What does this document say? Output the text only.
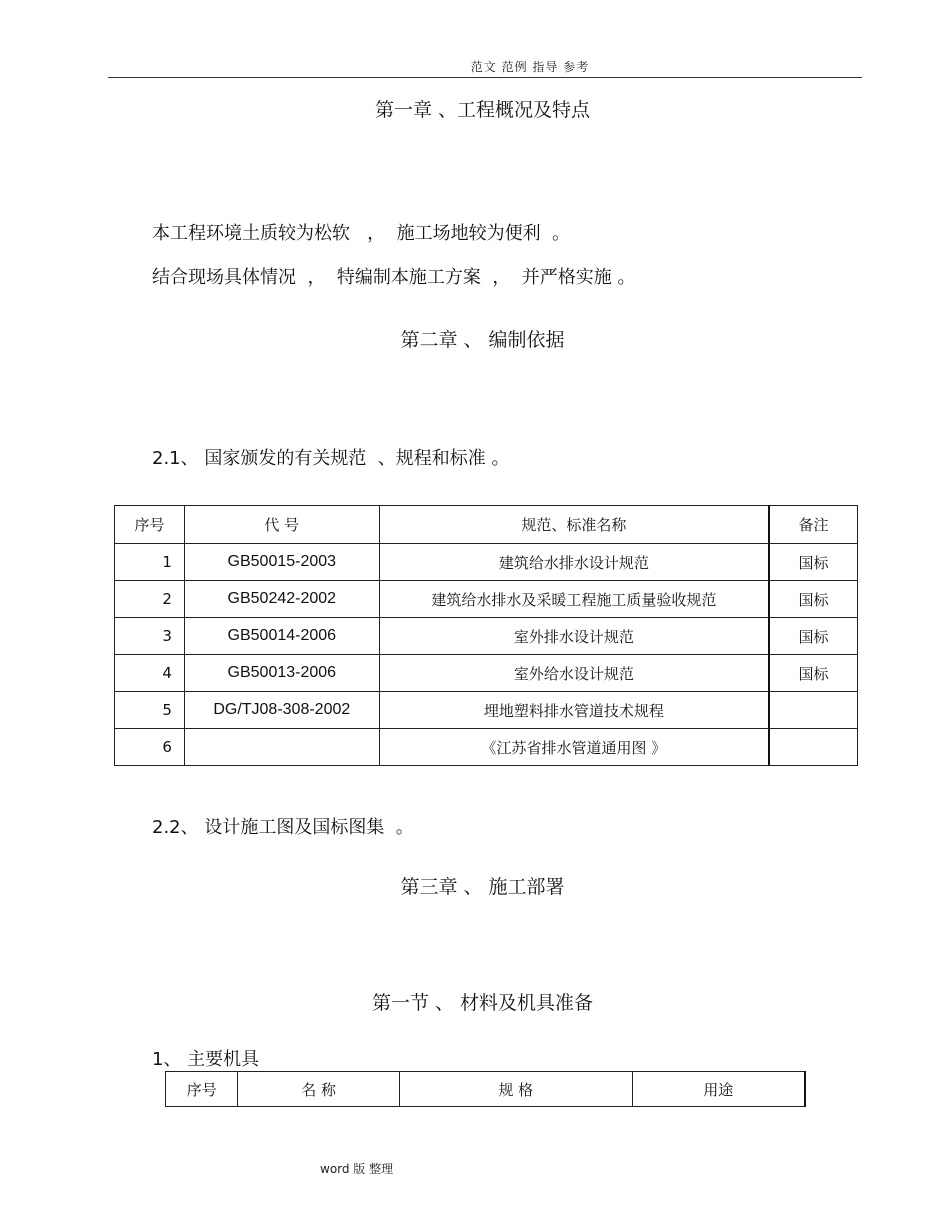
范文 范例 指导 参考
第一章 、工程概况及特点
本工程环境土质较为松软   ，  施工场地较为便利  。
结合现场具体情况  ，  特编制本施工方案  ，  并严格实施 。
第二章 、 编制依据
2.1、 国家颁发的有关规范  、规程和标准 。
序号	代 号	规范、标准名称	备注
1	GB50015-2003	建筑给水排水设计规范	国标
2	GB50242-2002	建筑给水排水及采暖工程施工质量验收规范	国标
3	GB50014-2006	室外排水设计规范	国标
4	GB50013-2006	室外给水设计规范	国标
5	DG/TJ08-308-2002	埋地塑料排水管道技术规程	
6		《江苏省排水管道通用图 》	
2.2、 设计施工图及国标图集  。
第三章 、 施工部署
第一节 、 材料及机具准备
1、 主要机具
序号	名 称	规 格	用途
word 版 整理
